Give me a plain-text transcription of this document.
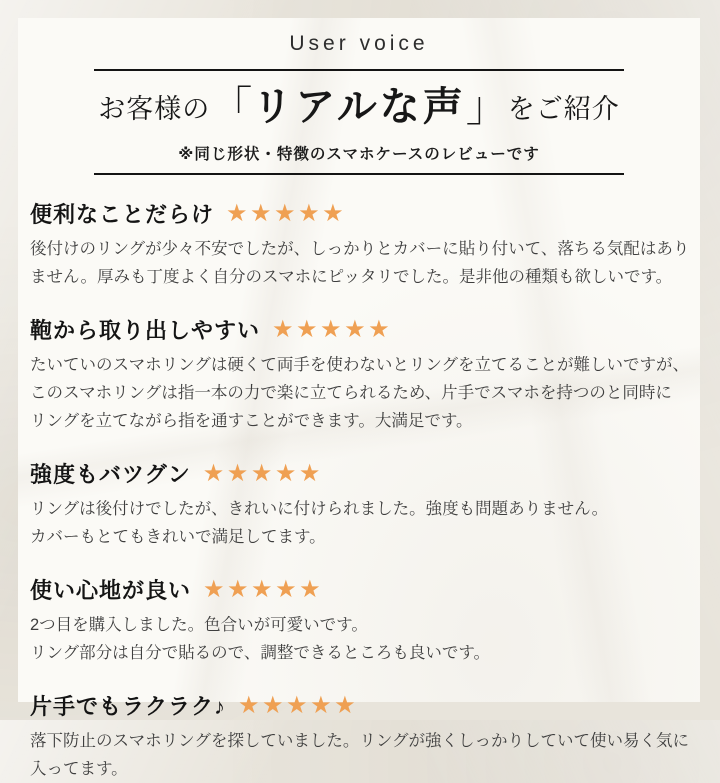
User voice
お客様の「リアルな声」をご紹介
※同じ形状・特徴のスマホケースのレビューです
便利なことだらけ ★★★★★
後付けのリングが少々不安でしたが、しっかりとカバーに貼り付いて、落ちる気配はあり
ません。厚みも丁度よく自分のスマホにピッタリでした。是非他の種類も欲しいです。
鞄から取り出しやすい ★★★★★
たいていのスマホリングは硬くて両手を使わないとリングを立てることが難しいですが、
このスマホリングは指一本の力で楽に立てられるため、片手でスマホを持つのと同時に
リングを立てながら指を通すことができます。大満足です。
強度もバツグン ★★★★★
リングは後付けでしたが、きれいに付けられました。強度も問題ありません。
カバーもとてもきれいで満足してます。
使い心地が良い ★★★★★
2つ目を購入しました。色合いが可愛いです。
リング部分は自分で貼るので、調整できるところも良いです。
片手でもラクラク♪ ★★★★★
落下防止のスマホリングを探していました。リングが強くしっかりしていて使い易く気に
入ってます。
